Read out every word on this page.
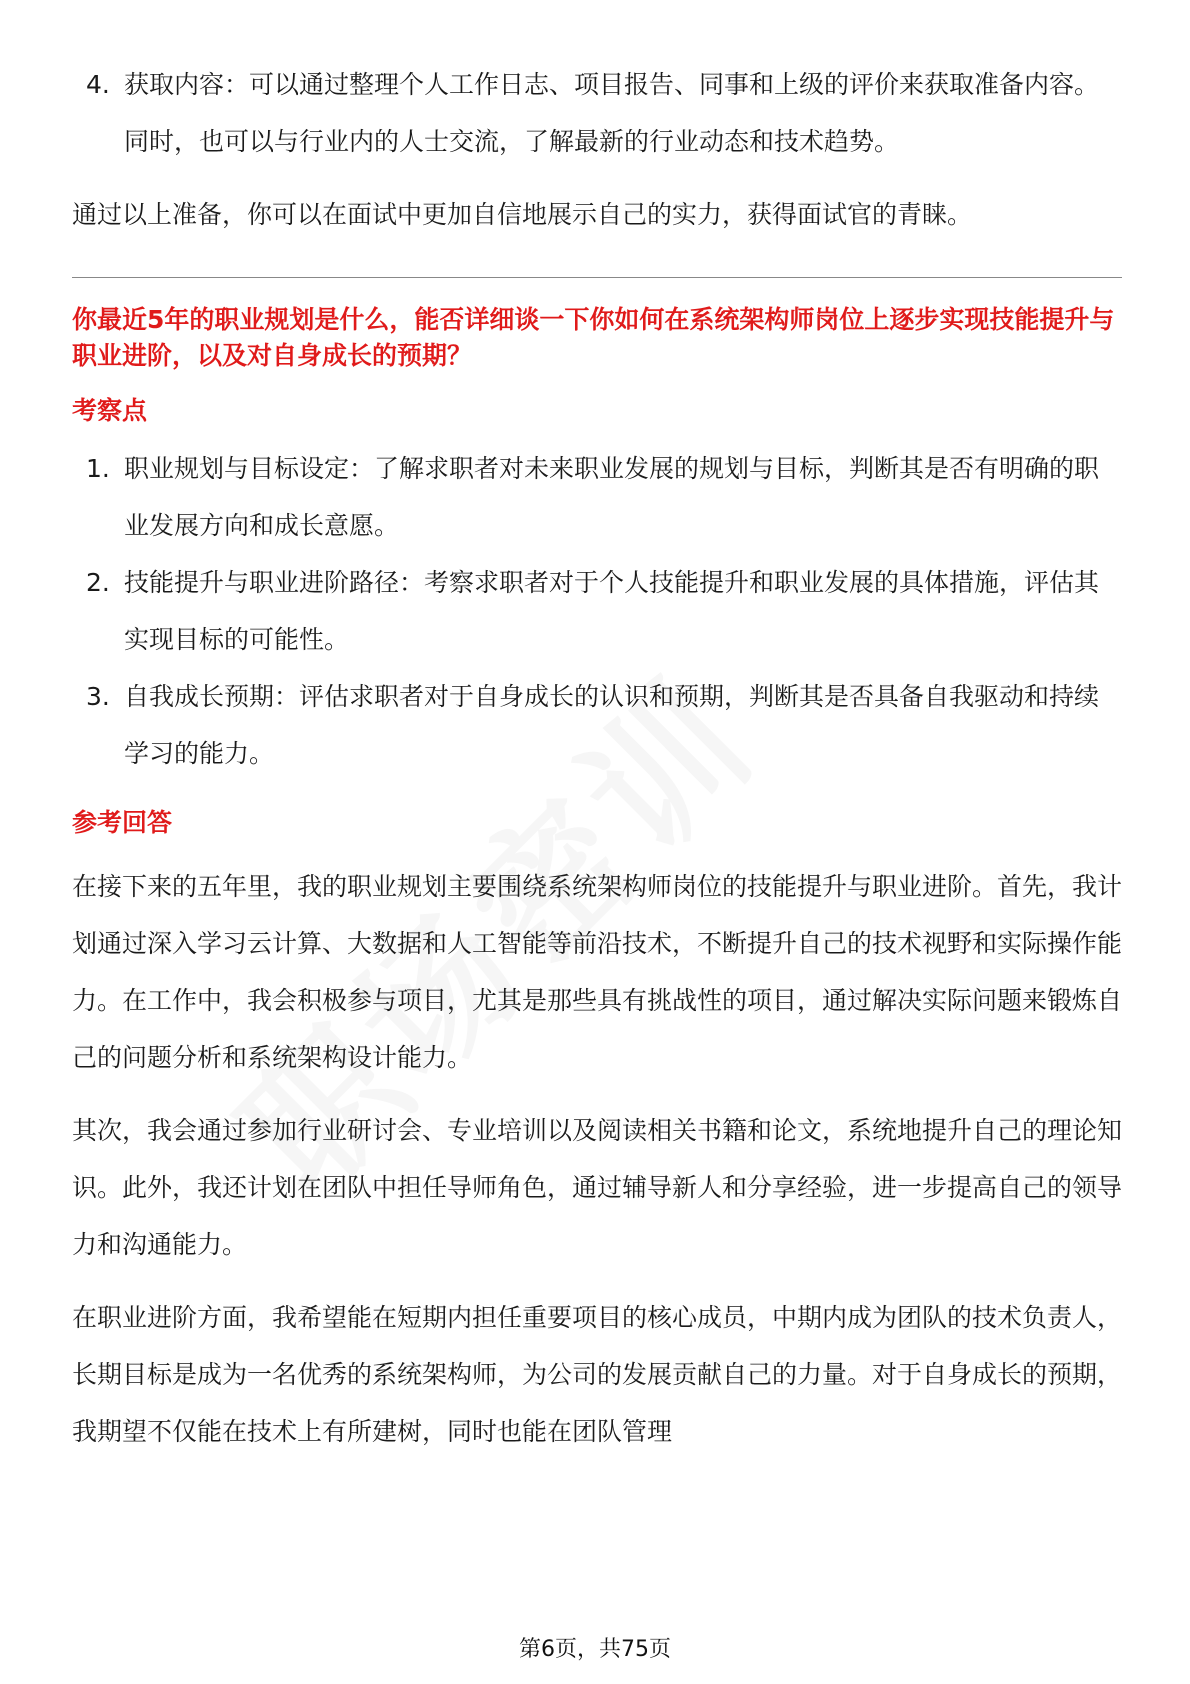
4. 获取内容：可以通过整理个人工作日志、项目报告、同事和上级的评价来获取准备内容。同时，也可以与行业内的人士交流，了解最新的行业动态和技术趋势。

通过以上准备，你可以在面试中更加自信地展示自己的实力，获得面试官的青睐。

你最近5年的职业规划是什么，能否详细谈一下你如何在系统架构师岗位上逐步实现技能提升与职业进阶，以及对自身成长的预期？

考察点
1. 职业规划与目标设定：了解求职者对未来职业发展的规划与目标，判断其是否有明确的职业发展方向和成长意愿。
2. 技能提升与职业进阶路径：考察求职者对于个人技能提升和职业发展的具体措施，评估其实现目标的可能性。
3. 自我成长预期：评估求职者对于自身成长的认识和预期，判断其是否具备自我驱动和持续学习的能力。
参考回答

在接下来的五年里，我的职业规划主要围绕系统架构师岗位的技能提升与职业进阶。首先，我计划通过深入学习云计算、大数据和人工智能等前沿技术，不断提升自己的技术视野和实际操作能力。在工作中，我会积极参与项目，尤其是那些具有挑战性的项目，通过解决实际问题来锻炼自己的问题分析和系统架构设计能力。

其次，我会通过参加行业研讨会、专业培训以及阅读相关书籍和论文，系统地提升自己的理论知识。此外，我还计划在团队中担任导师角色，通过辅导新人和分享经验，进一步提高自己的领导力和沟通能力。

在职业进阶方面，我希望能在短期内担任重要项目的核心成员，中期内成为团队的技术负责人，长期目标是成为一名优秀的系统架构师，为公司的发展贡献自己的力量。对于自身成长的预期，我期望不仅能在技术上有所建树，同时也能在团队管理

第6页，共75页
